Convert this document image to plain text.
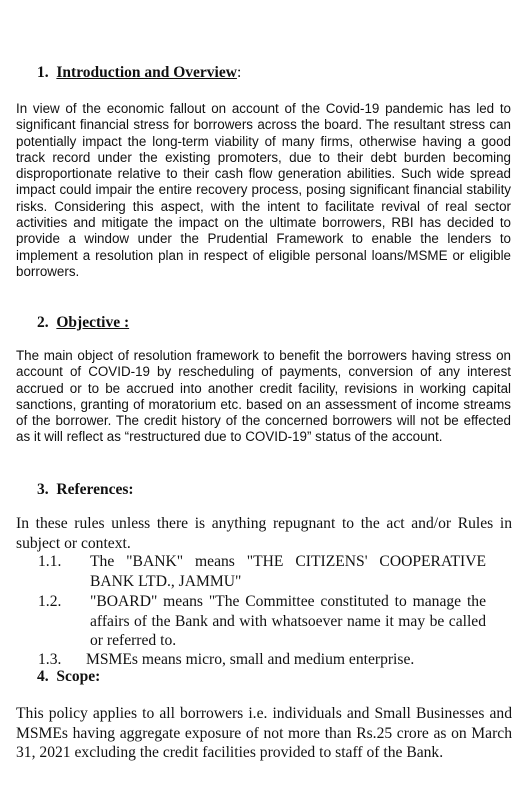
1. Introduction and Overview:
In view of the economic fallout on account of the Covid-19 pandemic has led to significant financial stress for borrowers across the board. The resultant stress can potentially impact the long-term viability of many firms, otherwise having a good track record under the existing promoters, due to their debt burden becoming disproportionate relative to their cash flow generation abilities. Such wide spread impact could impair the entire recovery process, posing significant financial stability risks. Considering this aspect, with the intent to facilitate revival of real sector activities and mitigate the impact on the ultimate borrowers, RBI has decided to provide a window under the Prudential Framework to enable the lenders to implement a resolution plan in respect of eligible personal loans/MSME or eligible borrowers.
2. Objective :
The main object of resolution framework to benefit the borrowers having stress on account of COVID-19 by rescheduling of payments, conversion of any interest accrued or to be accrued into another credit facility, revisions in working capital sanctions, granting of moratorium etc. based on an assessment of income streams of the borrower. The credit history of the concerned borrowers will not be effected as it will reflect as “restructured due to COVID-19” status of the account.
3. References:
In these rules unless there is anything repugnant to the act and/or Rules in subject or context.
1.1. The "BANK" means "THE CITIZENS' COOPERATIVE BANK LTD., JAMMU"
1.2. "BOARD" means "The Committee constituted to manage the affairs of the Bank and with whatsoever name it may be called or referred to.
1.3. MSMEs means micro, small and medium enterprise.
4. Scope:
This policy applies to all borrowers i.e. individuals and Small Businesses and MSMEs having aggregate exposure of not more than Rs.25 crore as on March 31, 2021 excluding the credit facilities provided to staff of the Bank.
